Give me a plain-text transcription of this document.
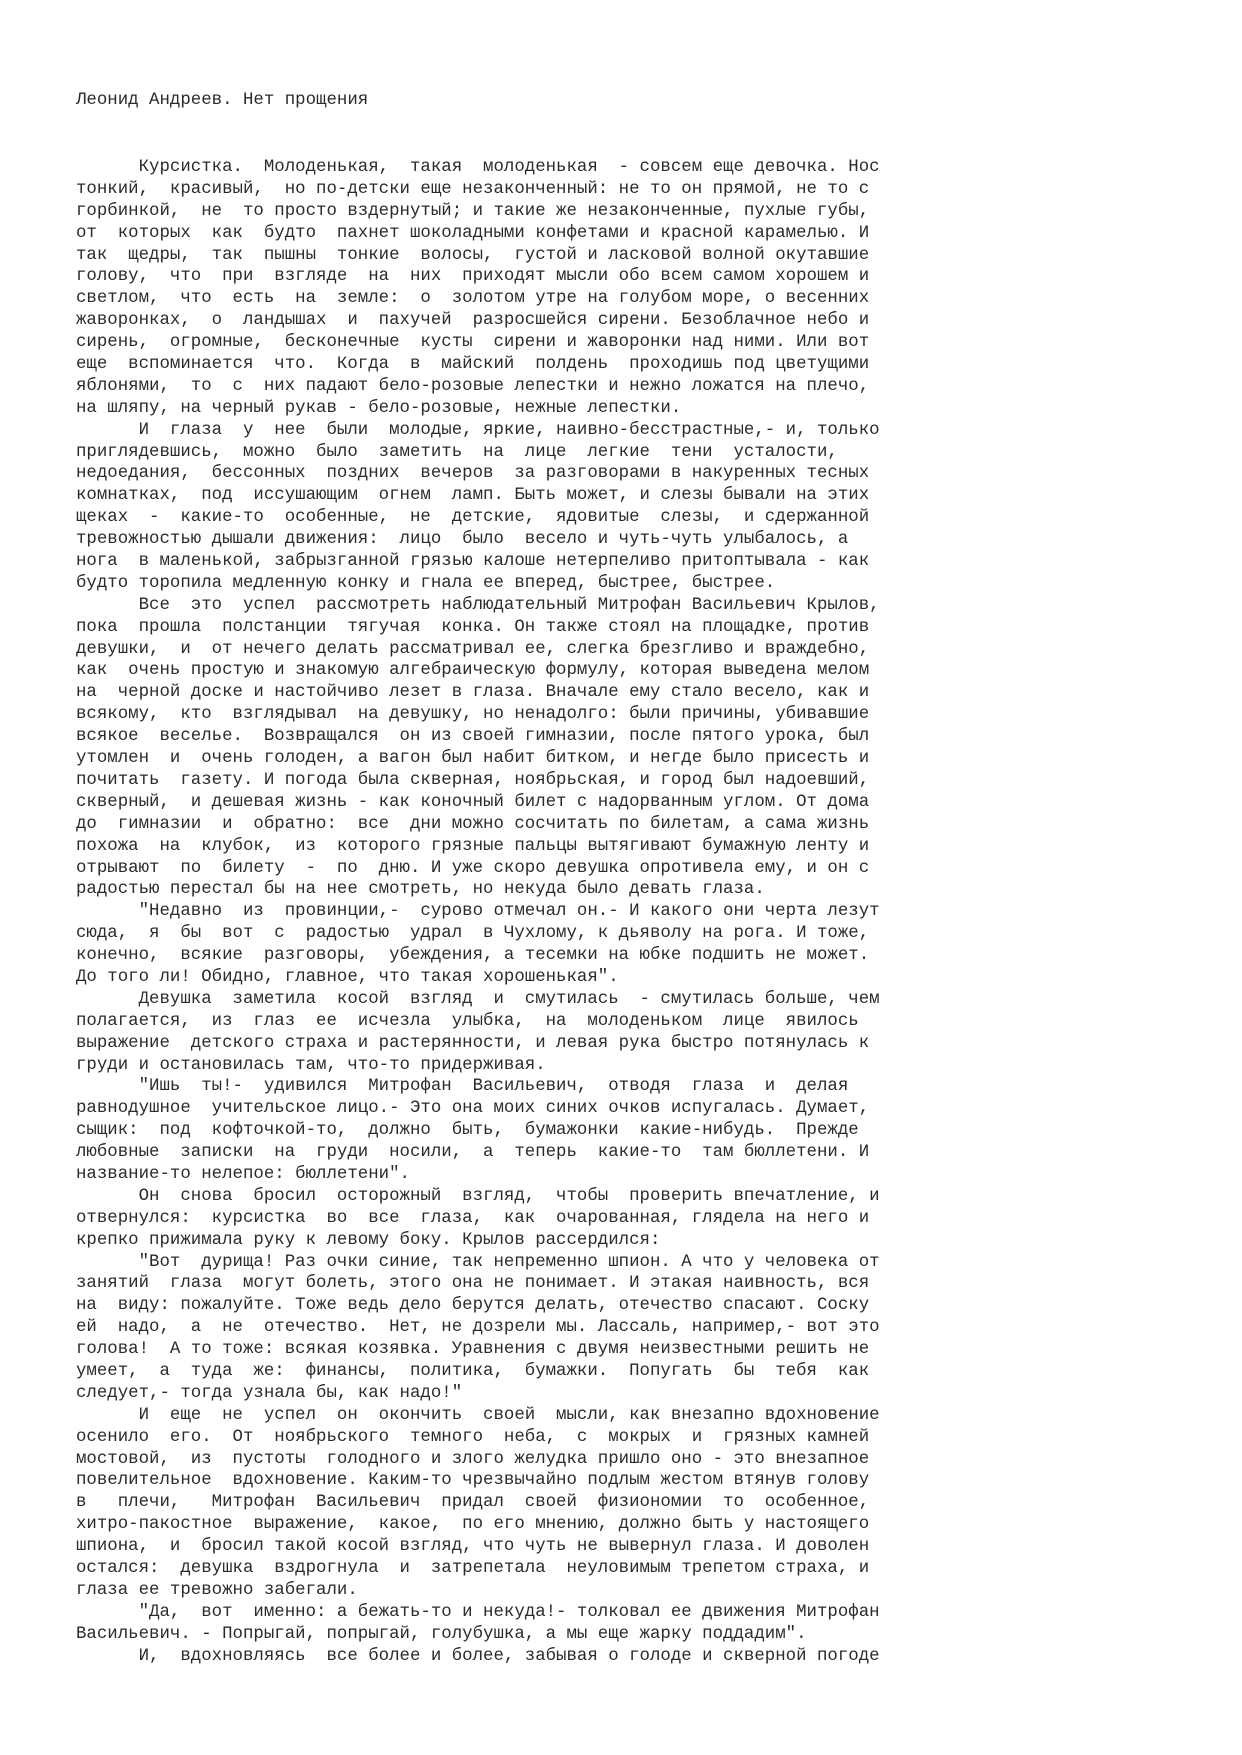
Леонид Андреев. Нет прощения
Курсистка.  Молоденькая,  такая  молоденькая  - совсем еще девочка. Нос
тонкий,  красивый,  но по-детски еще незаконченный: не то он прямой, не то с
горбинкой,  не  то просто вздернутый; и такие же незаконченные, пухлые губы,
от  которых  как  будто  пахнет шоколадными конфетами и красной карамелью. И
так  щедры,  так  пышны  тонкие  волосы,  густой и ласковой волной окутавшие
голову,  что  при  взгляде  на  них  приходят мысли обо всем самом хорошем и
светлом,  что  есть  на  земле:  о  золотом утре на голубом море, о весенних
жаворонках,  о  ландышах  и  пахучей  разросшейся сирени. Безоблачное небо и
сирень,  огромные,  бесконечные  кусты  сирени и жаворонки над ними. Или вот
еще  вспоминается  что.  Когда  в  майский  полдень  проходишь под цветущими
яблонями,  то  с  них падают бело-розовые лепестки и нежно ложатся на плечо,
на шляпу, на черный рукав - бело-розовые, нежные лепестки.
И  глаза  у  нее  были  молодые, яркие, наивно-бесстрастные,- и, только
приглядевшись,  можно  было  заметить  на  лице  легкие  тени  усталости,
недоедания,  бессонных  поздних  вечеров  за разговорами в накуренных тесных
комнатках,  под  иссушающим  огнем  ламп. Быть может, и слезы бывали на этих
щеках  -  какие-то  особенные,  не  детские,  ядовитые  слезы,  и сдержанной
тревожностью дышали движения:  лицо  было  весело и чуть-чуть улыбалось, а
нога  в маленькой, забрызганной грязью калоше нетерпеливо притоптывала - как
будто торопила медленную конку и гнала ее вперед, быстрее, быстрее.
Все  это  успел  рассмотреть наблюдательный Митрофан Васильевич Крылов,
пока  прошла  полстанции  тягучая  конка. Он также стоял на площадке, против
девушки,  и  от нечего делать рассматривал ее, слегка брезгливо и враждебно,
как  очень простую и знакомую алгебраическую формулу, которая выведена мелом
на  черной доске и настойчиво лезет в глаза. Вначале ему стало весело, как и
всякому,  кто  взглядывал  на девушку, но ненадолго: были причины, убивавшие
всякое  веселье.  Возвращался  он из своей гимназии, после пятого урока, был
утомлен  и  очень голоден, а вагон был набит битком, и негде было присесть и
почитать  газету. И погода была скверная, ноябрьская, и город был надоевший,
скверный,  и дешевая жизнь - как коночный билет с надорванным углом. От дома
до  гимназии  и  обратно:  все  дни можно сосчитать по билетам, а сама жизнь
похожа  на  клубок,  из  которого грязные пальцы вытягивают бумажную ленту и
отрывают  по  билету  -  по  дню. И уже скоро девушка опротивела ему, и он с
радостью перестал бы на нее смотреть, но некуда было девать глаза.
"Недавно  из  провинции,-  сурово отмечал он.- И какого они черта лезут
сюда,  я  бы  вот  с  радостью  удрал  в Чухлому, к дьяволу на рога. И тоже,
конечно,  всякие  разговоры,  убеждения, а тесемки на юбке подшить не может.
До того ли! Обидно, главное, что такая хорошенькая".
Девушка  заметила  косой  взгляд  и  смутилась  - смутилась больше, чем
полагается,  из  глаз  ее  исчезла  улыбка,  на  молоденьком  лице  явилось
выражение  детского страха и растерянности, и левая рука быстро потянулась к
груди и остановилась там, что-то придерживая.
"Ишь  ты!-  удивился  Митрофан  Васильевич,  отводя  глаза  и  делая
равнодушное  учительское лицо.- Это она моих синих очков испугалась. Думает,
сыщик:  под  кофточкой-то,  должно  быть,  бумажонки  какие-нибудь.  Прежде
любовные  записки  на  груди  носили,  а  теперь  какие-то  там бюллетени. И
название-то нелепое: бюллетени".
Он  снова  бросил  осторожный  взгляд,  чтобы  проверить впечатление, и
отвернулся:  курсистка  во  все  глаза,  как  очарованная, глядела на него и
крепко прижимала руку к левому боку. Крылов рассердился:
"Вот  дурища! Раз очки синие, так непременно шпион. А что у человека от
занятий  глаза  могут болеть, этого она не понимает. И этакая наивность, вся
на  виду: пожалуйте. Тоже ведь дело берутся делать, отечество спасают. Соску
ей  надо,  а  не  отечество.  Нет, не дозрели мы. Лассаль, например,- вот это
голова!  А то тоже: всякая козявка. Уравнения с двумя неизвестными решить не
умеет,  а  туда  же:  финансы,  политика,  бумажки.  Попугать  бы  тебя  как
следует,- тогда узнала бы, как надо!"
И  еще  не  успел  он  окончить  своей  мысли, как внезапно вдохновение
осенило  его.  От  ноябрьского  темного  неба,  с  мокрых  и  грязных камней
мостовой,  из  пустоты  голодного и злого желудка пришло оно - это внезапное
повелительное  вдохновение. Каким-то чрезвычайно подлым жестом втянув голову
в   плечи,   Митрофан  Васильевич  придал  своей  физиономии  то  особенное,
хитро-пакостное  выражение,  какое,  по его мнению, должно быть у настоящего
шпиона,  и  бросил такой косой взгляд, что чуть не вывернул глаза. И доволен
остался:  девушка  вздрогнула  и  затрепетала  неуловимым трепетом страха, и
глаза ее тревожно забегали.
"Да,  вот  именно: а бежать-то и некуда!- толковал ее движения Митрофан
Васильевич. - Попрыгай, попрыгай, голубушка, а мы еще жарку поддадим".
И,  вдохновляясь  все более и более, забывая о голоде и скверной погоде
